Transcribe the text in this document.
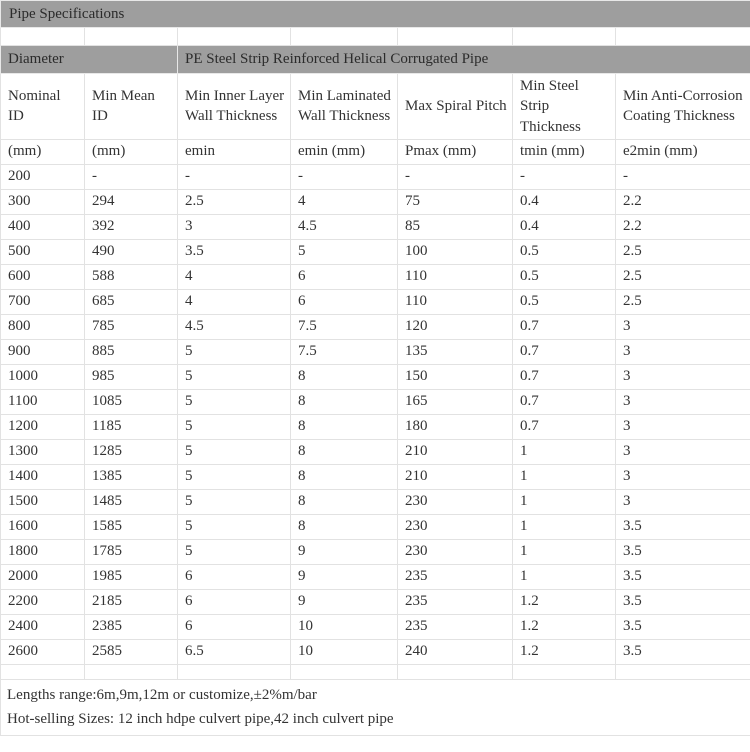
Pipe Specifications						

Diameter		PE Steel Strip Reinforced Helical Corrugated Pipe				
Nominal ID	Min Mean ID	Min Inner Layer Wall Thickness	Min Laminated Wall Thickness	Max Spiral Pitch	Min Steel Strip Thickness	Min Anti-Corrosion Coating Thickness
(mm)	(mm)	emin	emin (mm)	Pmax (mm)	tmin (mm)	e2min (mm)
200	-	-	-	-	-	-
300	294	2.5	4	75	0.4	2.2
400	392	3	4.5	85	0.4	2.2
500	490	3.5	5	100	0.5	2.5
600	588	4	6	110	0.5	2.5
700	685	4	6	110	0.5	2.5
800	785	4.5	7.5	120	0.7	3
900	885	5	7.5	135	0.7	3
1000	985	5	8	150	0.7	3
1100	1085	5	8	165	0.7	3
1200	1185	5	8	180	0.7	3
1300	1285	5	8	210	1	3
1400	1385	5	8	210	1	3
1500	1485	5	8	230	1	3
1600	1585	5	8	230	1	3.5
1800	1785	5	9	230	1	3.5
2000	1985	6	9	235	1	3.5
2200	2185	6	9	235	1.2	3.5
2400	2385	6	10	235	1.2	3.5
2600	2585	6.5	10	240	1.2	3.5

Lengths range:6m,9m,12m or customize,±2%m/bar
Hot-selling Sizes: 12 inch hdpe culvert pipe,42 inch culvert pipe						
